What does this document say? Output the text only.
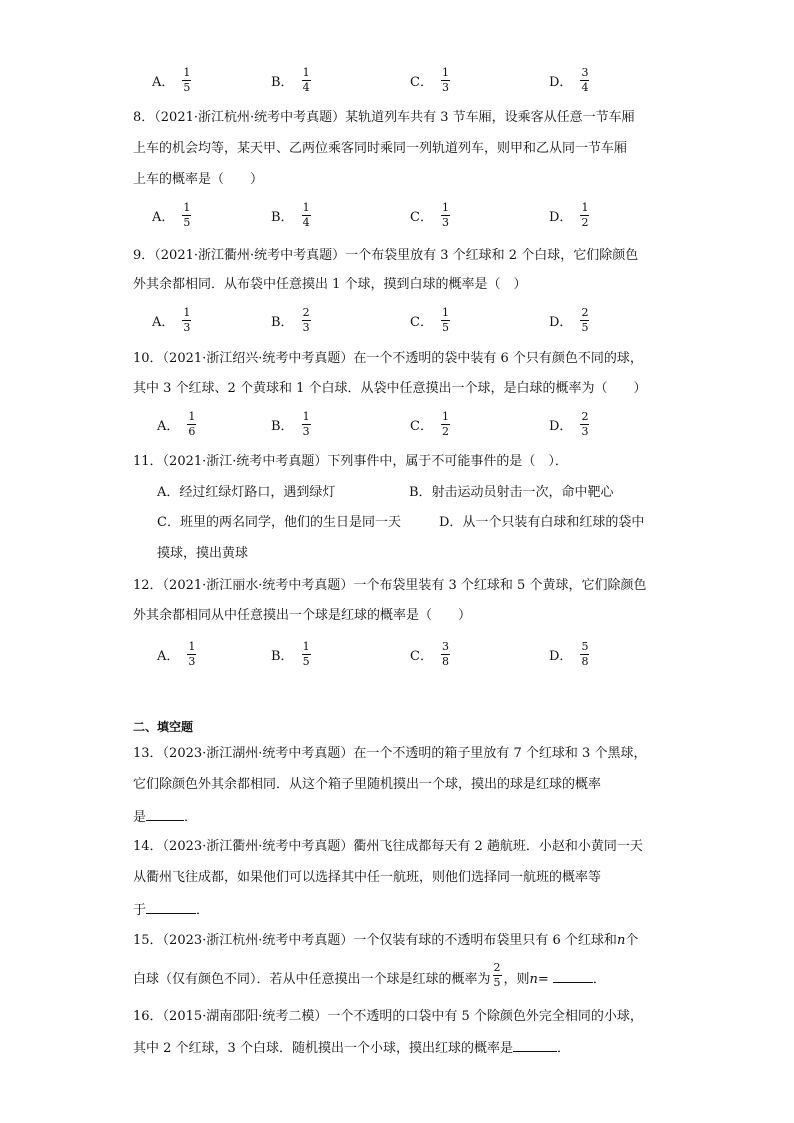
A． $\frac{1}{5}$	B． $\frac{1}{4}$	C． $\frac{1}{3}$	D． $\frac{3}{4}$
8．（2021·浙江杭州·统考中考真题）某轨道列车共有 3 节车厢，设乘客从任意一节车厢
上车的机会均等，某天甲、乙两位乘客同时乘同一列轨道列车，则甲和乙从同一节车厢
上车的概率是（　　）
A． $\frac{1}{5}$	B． $\frac{1}{4}$	C． $\frac{1}{3}$	D． $\frac{1}{2}$
9．（2021·浙江衢州·统考中考真题）一个布袋里放有 3 个红球和 2 个白球，它们除颜色
外其余都相同．从布袋中任意摸出 1 个球，摸到白球的概率是（　）
A． $\frac{1}{3}$	B． $\frac{2}{3}$	C． $\frac{1}{5}$	D． $\frac{2}{5}$
10．（2021·浙江绍兴·统考中考真题）在一个不透明的袋中装有 6 个只有颜色不同的球，
其中 3 个红球、2 个黄球和 1 个白球．从袋中任意摸出一个球，是白球的概率为（　　）
A． $\frac{1}{6}$	B． $\frac{1}{3}$	C． $\frac{1}{2}$	D． $\frac{2}{3}$
11．（2021·浙江·统考中考真题）下列事件中，属于不可能事件的是（　）．
A．经过红绿灯路口，遇到绿灯	B．射击运动员射击一次，命中靶心
C．班里的两名同学，他们的生日是同一天	D．从一个只装有白球和红球的袋中
摸球，摸出黄球
12．（2021·浙江丽水·统考中考真题）一个布袋里装有 3 个红球和 5 个黄球，它们除颜色
外其余都相同从中任意摸出一个球是红球的概率是（　　）
A． $\frac{1}{3}$	B． $\frac{1}{5}$	C． $\frac{3}{8}$	D． $\frac{5}{8}$
二、填空题
13．（2023·浙江湖州·统考中考真题）在一个不透明的箱子里放有 7 个红球和 3 个黑球，
它们除颜色外其余都相同．从这个箱子里随机摸出一个球，摸出的球是红球的概率
是	．
14．（2023·浙江衢州·统考中考真题）衢州飞往成都每天有 2 趟航班．小赵和小黄同一天
从衢州飞往成都，如果他们可以选择其中任一航班，则他们选择同一航班的概率等
于	．
15．（2023·浙江杭州·统考中考真题）一个仅装有球的不透明布袋里只有 6 个红球和n个
白球（仅有颜色不同）．若从中任意摸出一个球是红球的概率为 $\frac{2}{5}$ ，则n=	．
16．（2015·湖南邵阳·统考二模）一个不透明的口袋中有 5 个除颜色外完全相同的小球，
其中 2 个红球，3 个白球．随机摸出一个小球，摸出红球的概率是	．
